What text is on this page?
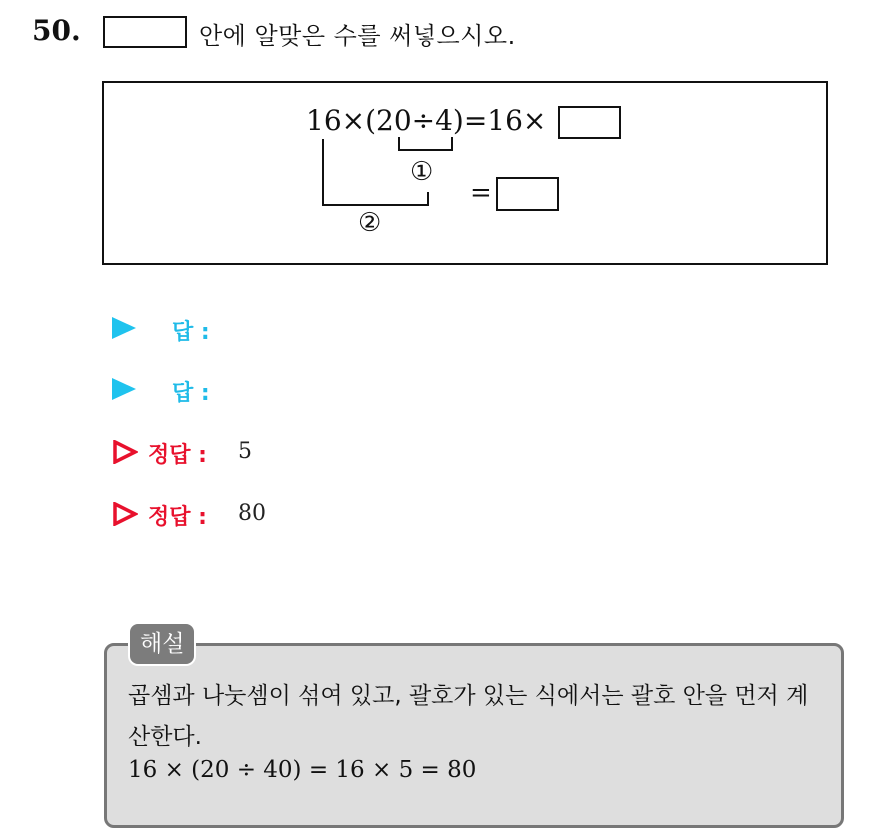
50.	안에 알맞은 수를 써넣으시오.
16×(20÷4)=16×
①
②
=
답 :
답 :
정답 : 5
정답 : 80
해설
곱셈과 나눗셈이 섞여 있고, 괄호가 있는 식에서는 괄호 안을 먼저 계산한다.
16 × (20 ÷ 40) = 16 × 5 = 80
